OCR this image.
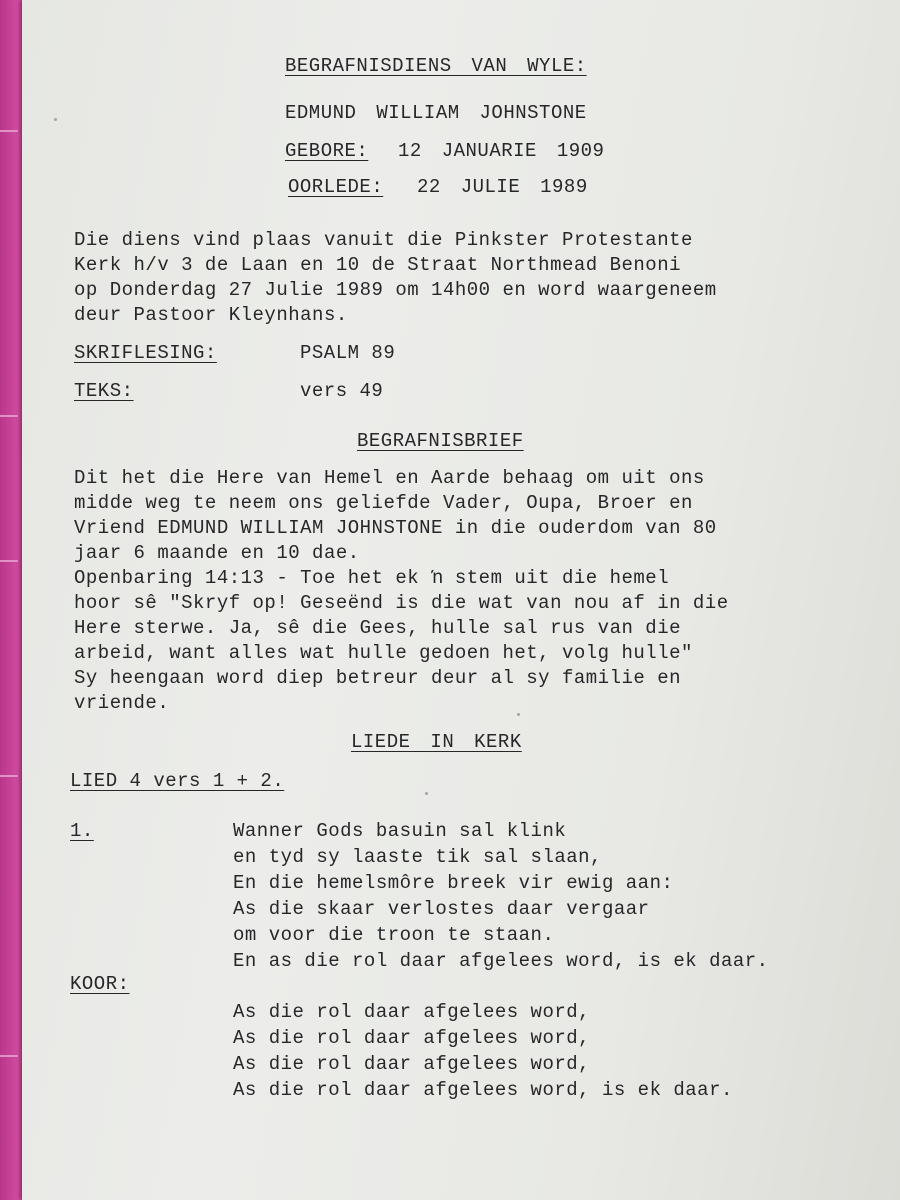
BEGRAFNISDIENS VAN WYLE:
EDMUND WILLIAM JOHNSTONE
GEBORE: 12 JANUARIE 1909
OORLEDE: 22 JULIE 1989
Die diens vind plaas vanuit die Pinkster Protestante
Kerk h/v 3 de Laan en 10 de Straat Northmead Benoni
op Donderdag 27 Julie 1989 om 14h00 en word waargeneem
deur Pastoor Kleynhans.
SKRIFLESING:	PSALM 89
TEKS:	vers 49
BEGRAFNISBRIEF
Dit het die Here van Hemel en Aarde behaag om uit ons
midde weg te neem ons geliefde Vader, Oupa, Broer en
Vriend EDMUND WILLIAM JOHNSTONE in die ouderdom van 80
jaar 6 maande en 10 dae.
Openbaring 14:13 - Toe het ek ŉ stem uit die hemel
hoor sê "Skryf op! Geseënd is die wat van nou af in die
Here sterwe. Ja, sê die Gees, hulle sal rus van die
arbeid, want alles wat hulle gedoen het, volg hulle"
Sy heengaan word diep betreur deur al sy familie en
vriende.
LIEDE IN KERK
LIED 4 vers 1 + 2.
1.	Wanner Gods basuin sal klink
en tyd sy laaste tik sal slaan,
En die hemelsmôre breek vir ewig aan:
As die skaar verlostes daar vergaar
om voor die troon te staan.
En as die rol daar afgelees word, is ek daar.
KOOR:
As die rol daar afgelees word,
As die rol daar afgelees word,
As die rol daar afgelees word,
As die rol daar afgelees word, is ek daar.
